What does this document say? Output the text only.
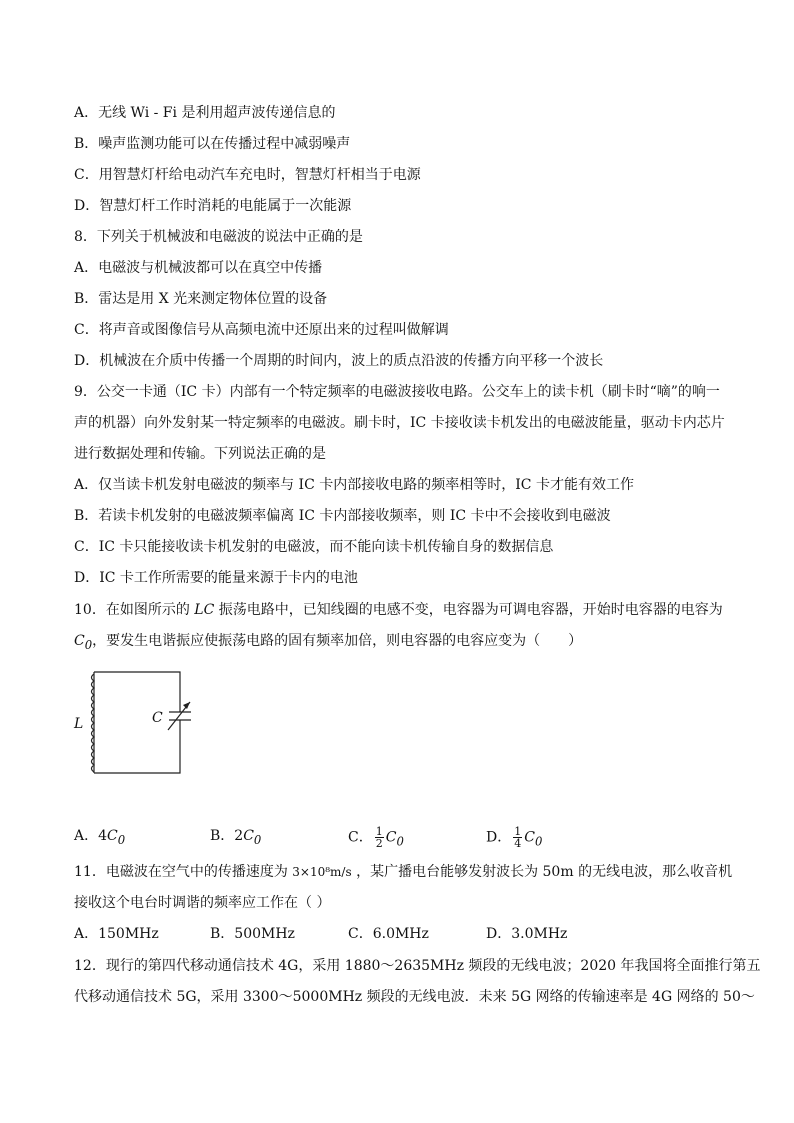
A．无线 Wi - Fi 是利用超声波传递信息的
B．噪声监测功能可以在传播过程中减弱噪声
C．用智慧灯杆给电动汽车充电时，智慧灯杆相当于电源
D．智慧灯杆工作时消耗的电能属于一次能源
8．下列关于机械波和电磁波的说法中正确的是
A．电磁波与机械波都可以在真空中传播
B．雷达是用 X 光来测定物体位置的设备
C．将声音或图像信号从高频电流中还原出来的过程叫做解调
D．机械波在介质中传播一个周期的时间内，波上的质点沿波的传播方向平移一个波长
9．公交一卡通（IC 卡）内部有一个特定频率的电磁波接收电路。公交车上的读卡机（刷卡时“嘀”的响一
声的机器）向外发射某一特定频率的电磁波。刷卡时，IC 卡接收读卡机发出的电磁波能量，驱动卡内芯片
进行数据处理和传输。下列说法正确的是
A．仅当读卡机发射电磁波的频率与 IC 卡内部接收电路的频率相等时，IC 卡才能有效工作
B．若读卡机发射的电磁波频率偏离 IC 卡内部接收频率，则 IC 卡中不会接收到电磁波
C．IC 卡只能接收读卡机发射的电磁波，而不能向读卡机传输自身的数据信息
D．IC 卡工作所需要的能量来源于卡内的电池
10．在如图所示的 LC 振荡电路中，已知线圈的电感不变，电容器为可调电容器，开始时电容器的电容为
$C_0$，要发生电谐振应使振荡电路的固有频率加倍，则电容器的电容应变为（　　）
L	C
A．$4C_0$	B．$2C_0$	C． $\frac{1}{2} C_0$	D． $\frac{1}{4} C_0$
11．电磁波在空气中的传播速度为 3×10⁸m/s ，某广播电台能够发射波长为 50m 的无线电波，那么收音机
接收这个电台时调谐的频率应工作在（ ）
A．150MHz	B．500MHz	C．6.0MHz	D．3.0MHz
12．现行的第四代移动通信技术 4G，采用 1880～2635MHz 频段的无线电波；2020 年我国将全面推行第五
代移动通信技术 5G，采用 3300～5000MHz 频段的无线电波．未来 5G 网络的传输速率是 4G 网络的 50～
